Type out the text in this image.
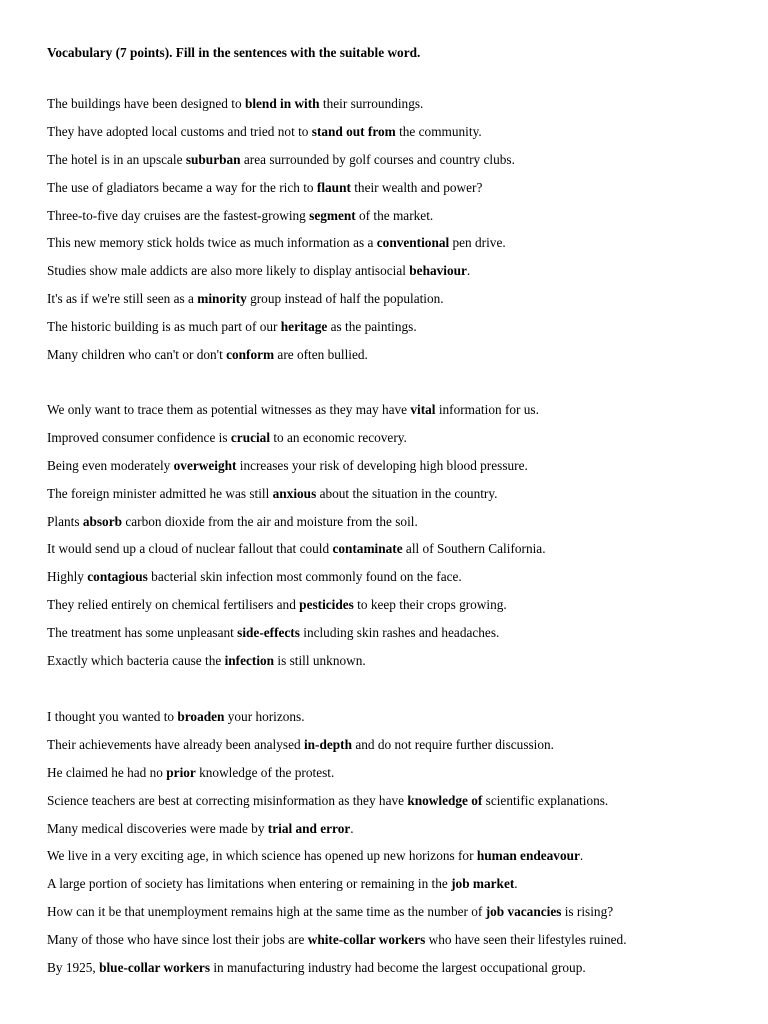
Vocabulary (7 points). Fill in the sentences with the suitable word.
The buildings have been designed to blend in with their surroundings.
They have adopted local customs and tried not to stand out from the community.
The hotel is in an upscale suburban area surrounded by golf courses and country clubs.
The use of gladiators became a way for the rich to flaunt their wealth and power?
Three-to-five day cruises are the fastest-growing segment of the market.
This new memory stick holds twice as much information as a conventional pen drive.
Studies show male addicts are also more likely to display antisocial behaviour.
It's as if we're still seen as a minority group instead of half the population.
The historic building is as much part of our heritage as the paintings.
Many children who can't or don't conform are often bullied.
We only want to trace them as potential witnesses as they may have vital information for us.
Improved consumer confidence is crucial to an economic recovery.
Being even moderately overweight increases your risk of developing high blood pressure.
The foreign minister admitted he was still anxious about the situation in the country.
Plants absorb carbon dioxide from the air and moisture from the soil.
It would send up a cloud of nuclear fallout that could contaminate all of Southern California.
Highly contagious bacterial skin infection most commonly found on the face.
They relied entirely on chemical fertilisers and pesticides to keep their crops growing.
The treatment has some unpleasant side-effects including skin rashes and headaches.
Exactly which bacteria cause the infection is still unknown.
I thought you wanted to broaden your horizons.
Their achievements have already been analysed in-depth and do not require further discussion.
He claimed he had no prior knowledge of the protest.
Science teachers are best at correcting misinformation as they have knowledge of scientific explanations.
Many medical discoveries were made by trial and error.
We live in a very exciting age, in which science has opened up new horizons for human endeavour.
A large portion of society has limitations when entering or remaining in the job market.
How can it be that unemployment remains high at the same time as the number of job vacancies is rising?
Many of those who have since lost their jobs are white-collar workers who have seen their lifestyles ruined.
By 1925, blue-collar workers in manufacturing industry had become the largest occupational group.
